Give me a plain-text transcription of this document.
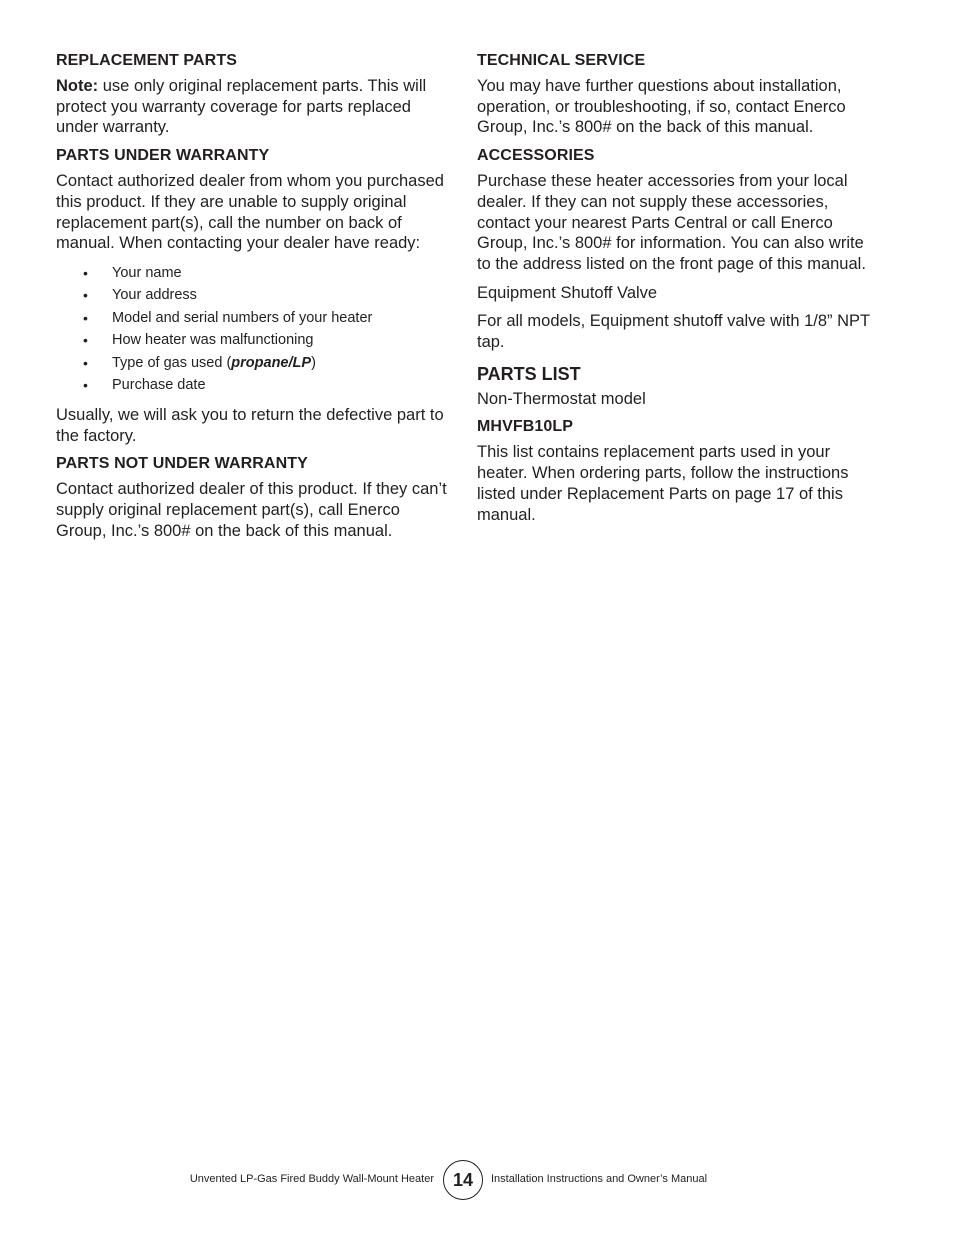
REPLACEMENT PARTS

Note: use only original replacement parts. This will protect you warranty coverage for parts replaced under warranty.

PARTS UNDER WARRANTY

Contact authorized dealer from whom you purchased this product. If they are unable to supply original replacement part(s), call the number on back of manual. When contacting your dealer have ready:

• Your name
• Your address
• Model and serial numbers of your heater
• How heater was malfunctioning
• Type of gas used (propane/LP)
• Purchase date

Usually, we will ask you to return the defective part to the factory.

PARTS NOT UNDER WARRANTY

Contact authorized dealer of this product. If they can’t supply original replacement part(s), call Enerco Group, Inc.’s 800# on the back of this manual.

TECHNICAL SERVICE

You may have further questions about installation, operation, or troubleshooting, if so, contact Enerco Group, Inc.’s 800# on the back of this manual.

ACCESSORIES

Purchase these heater accessories from your local dealer. If they can not supply these accessories, contact your nearest Parts Central or call Enerco Group, Inc.’s 800# for information. You can also write to the address listed on the front page of this manual.

Equipment Shutoff Valve

For all models, Equipment shutoff valve with 1/8” NPT tap.

PARTS LIST

Non-Thermostat model

MHVFB10LP

This list contains replacement parts used in your heater. When ordering parts, follow the instructions listed under Replacement Parts on page 17 of this manual.

Unvented LP-Gas Fired Buddy Wall-Mount Heater	14	Installation Instructions and Owner’s Manual
